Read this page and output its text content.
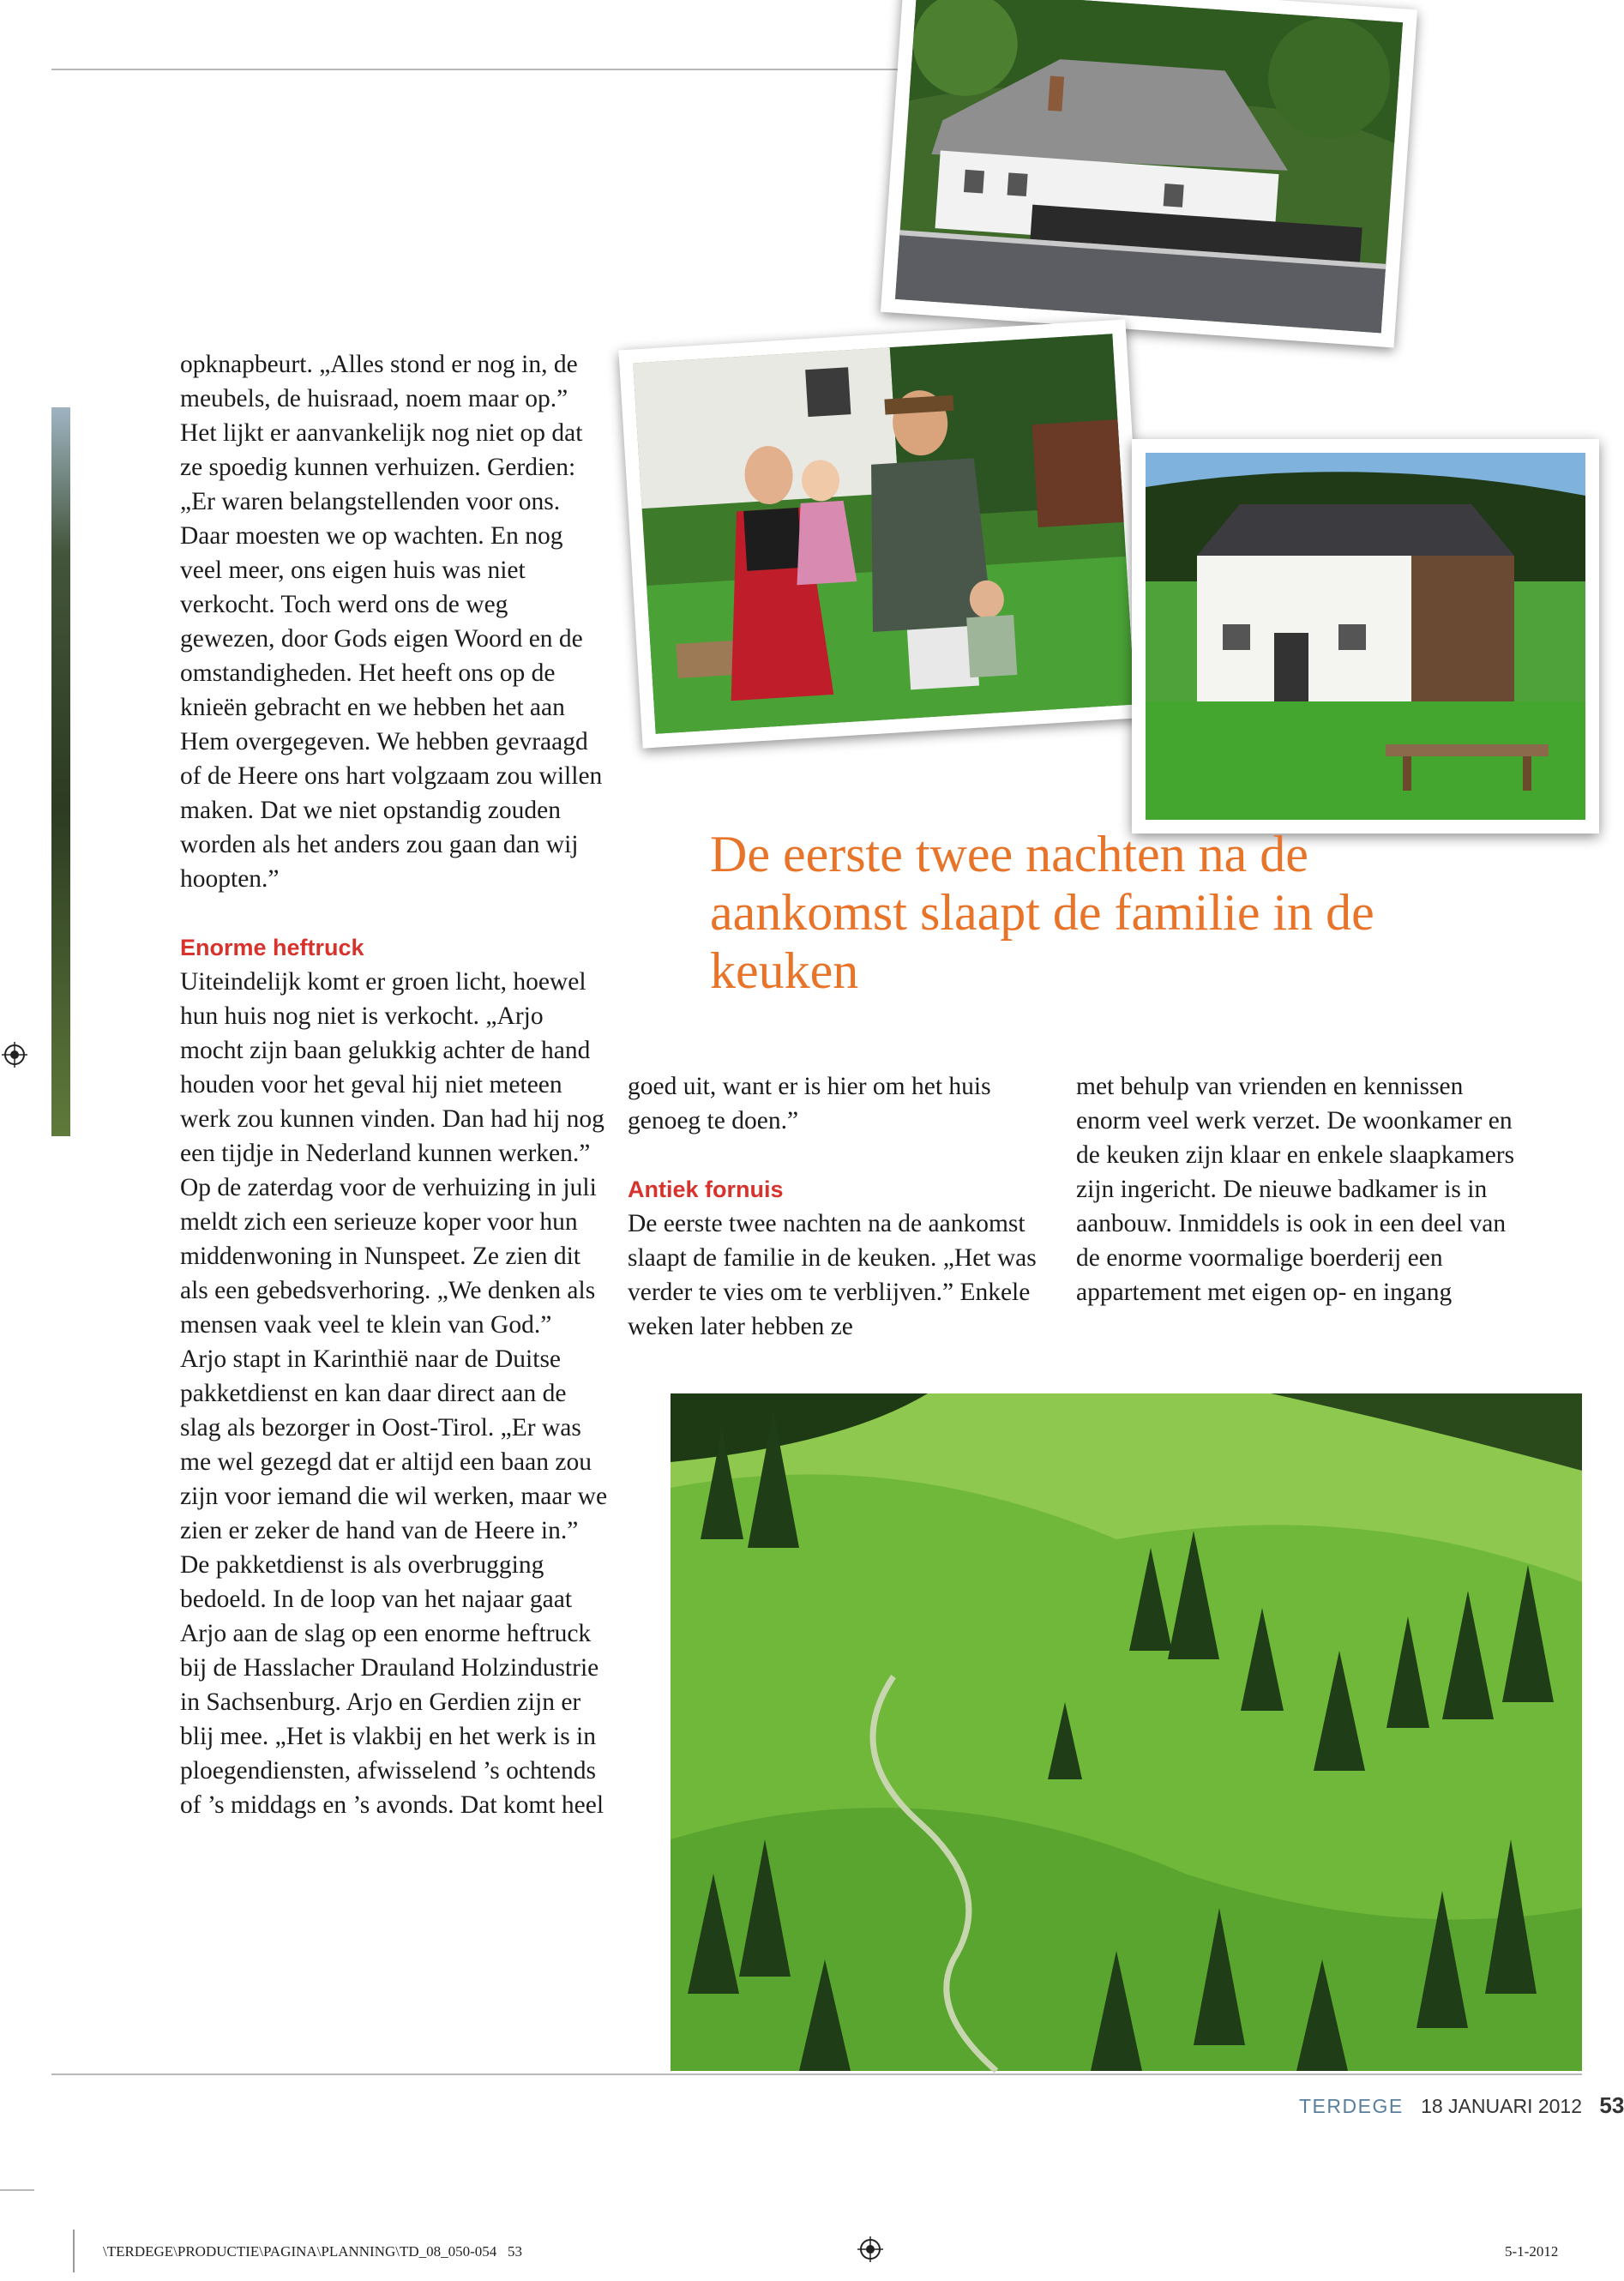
opknapbeurt. „Alles stond er nog in, de meubels, de huisraad, noem maar op.”

Het lijkt er aanvankelijk nog niet op dat ze spoedig kunnen verhuizen. Gerdien: „Er waren belangstellenden voor ons. Daar moesten we op wachten. En nog veel meer, ons eigen huis was niet verkocht. Toch werd ons de weg gewezen, door Gods eigen Woord en de omstandigheden. Het heeft ons op de knieën gebracht en we hebben het aan Hem overgegeven. We hebben gevraagd of de Heere ons hart volgzaam zou willen maken. Dat we niet opstandig zouden worden als het anders zou gaan dan wij hoopten.”

Enorme heftruck

Uiteindelijk komt er groen licht, hoewel hun huis nog niet is verkocht. „Arjo mocht zijn baan gelukkig achter de hand houden voor het geval hij niet meteen werk zou kunnen vinden. Dan had hij nog een tijdje in Nederland kunnen werken.”

Op de zaterdag voor de verhuizing in juli meldt zich een serieuze koper voor hun middenwoning in Nunspeet. Ze zien dit als een gebedsverhoring. „We denken als mensen vaak veel te klein van God.”

Arjo stapt in Karinthië naar de Duitse pakketdienst en kan daar direct aan de slag als bezorger in Oost-Tirol. „Er was me wel gezegd dat er altijd een baan zou zijn voor iemand die wil werken, maar we zien er zeker de hand van de Heere in.”

De pakketdienst is als overbrugging bedoeld. In de loop van het najaar gaat Arjo aan de slag op een enorme heftruck bij de Hasslacher Drauland Holzindustrie in Sachsenburg. Arjo en Gerdien zijn er blij mee. „Het is vlakbij en het werk is in ploegendiensten, afwisselend ’s ochtends of ’s middags en ’s avonds. Dat komt heel

De eerste twee nachten na de aankomst slaapt de familie in de keuken

goed uit, want er is hier om het huis genoeg te doen.”

Antiek fornuis

De eerste twee nachten na de aankomst slaapt de familie in de keuken. „Het was verder te vies om te verblijven.” Enkele weken later hebben ze

met behulp van vrienden en kennissen enorm veel werk verzet. De woonkamer en de keuken zijn klaar en enkele slaapkamers zijn ingericht. De nieuwe badkamer is in aanbouw. Inmiddels is ook in een deel van de enorme voormalige boerderij een appartement met eigen op- en ingang

TERDEGE 18 JANUARI 2012 53
\TERDEGE\PRODUCTIE\PAGINA\PLANNING\TD_08_050-054   53	5-1-2012
